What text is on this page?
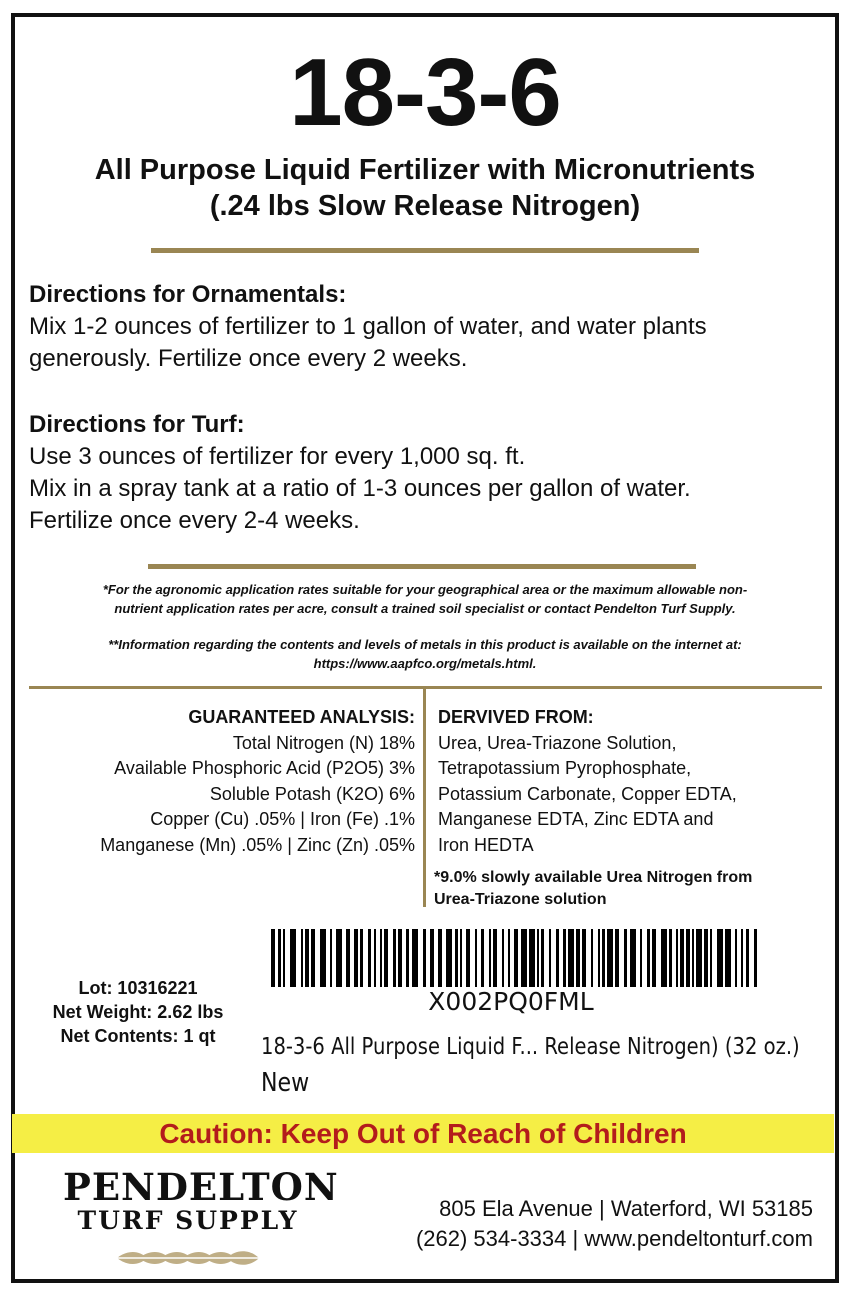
18-3-6
All Purpose Liquid Fertilizer with Micronutrients
(.24 lbs Slow Release Nitrogen)
Directions for Ornamentals:
Mix 1-2 ounces of fertilizer to 1 gallon of water, and water plants
generously. Fertilize once every 2 weeks.
Directions for Turf:
Use 3 ounces of fertilizer for every 1,000 sq. ft.
Mix in a spray tank at a ratio of 1-3 ounces per gallon of water.
Fertilize once every 2-4 weeks.
*For the agronomic application rates suitable for your geographical area or the maximum allowable non-
nutrient application rates per acre, consult a trained soil specialist or contact Pendelton Turf Supply.
**Information regarding the contents and levels of metals in this product is available on the internet at:
https://www.aapfco.org/metals.html.
GUARANTEED ANALYSIS:
Total Nitrogen (N) 18%
Available Phosphoric Acid (P2O5) 3%
Soluble Potash (K2O) 6%
Copper (Cu) .05% | Iron (Fe) .1%
Manganese (Mn) .05% | Zinc (Zn) .05%
DERVIVED FROM:
Urea, Urea-Triazone Solution,
Tetrapotassium Pyrophosphate,
Potassium Carbonate, Copper EDTA,
Manganese EDTA, Zinc EDTA and
Iron HEDTA
*9.0% slowly available Urea Nitrogen from
Urea-Triazone solution
Lot: 10316221
Net Weight: 2.62 lbs
Net Contents: 1 qt
X002PQ0FML
18-3-6 All Purpose Liquid F... Release Nitrogen) (32 oz.)
New
Caution: Keep Out of Reach of Children
PENDELTON
TURF SUPPLY	805 Ela Avenue | Waterford, WI 53185
(262) 534-3334 | www.pendeltonturf.com
